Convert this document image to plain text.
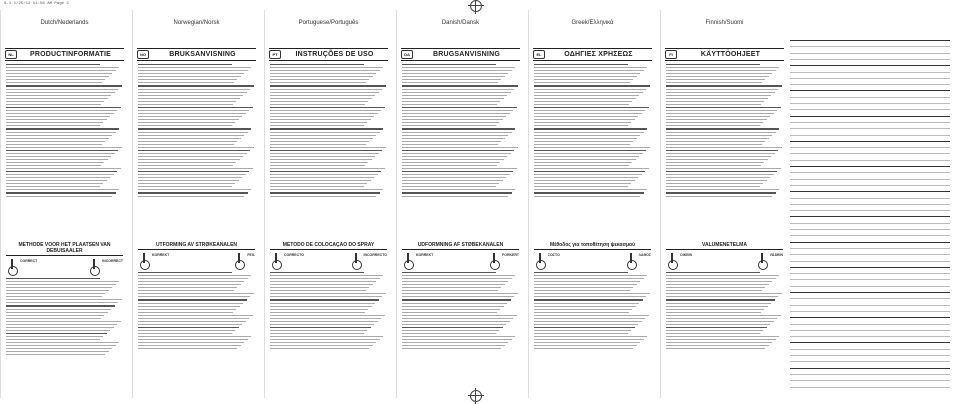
9-1 1/25/12 11:56 AM Page 2
Dutch/Nederlands
NL	PRODUCTINFORMATIE
METHODE VOOR HET PLAATSEN VAN DEBUISAALER
CORRECT	INCORRECT
Norwegian/Norsk
NO	BRUKSANVISNING
UTFORMING AV STRØKEANALEN
KORREKT	FEIL
Portuguese/Português
PT	INSTRUÇÕES DE USO
MÉTODO DE COLOCAÇÃO DO SPRAY
CORRECTO	INCORRECTO
Danish/Dansk
DA	BRUGSANVISNING
UDFORMNING AF STØBEKANALEN
KORREKT	FORKERT
Greek/Ελληνικά
EL	ΟΔΗΓΙΕΣ ΧΡΗΣΕΩΣ
Μέθοδος για τοποθέτηση ψεκασμού
ΣΩΣΤΟ	ΛΑΘΟΣ
Finnish/Suomi
FI	KÄYTTÖOHJEET
VALUMENETELMA
OIKEIN	VÄÄRIN
